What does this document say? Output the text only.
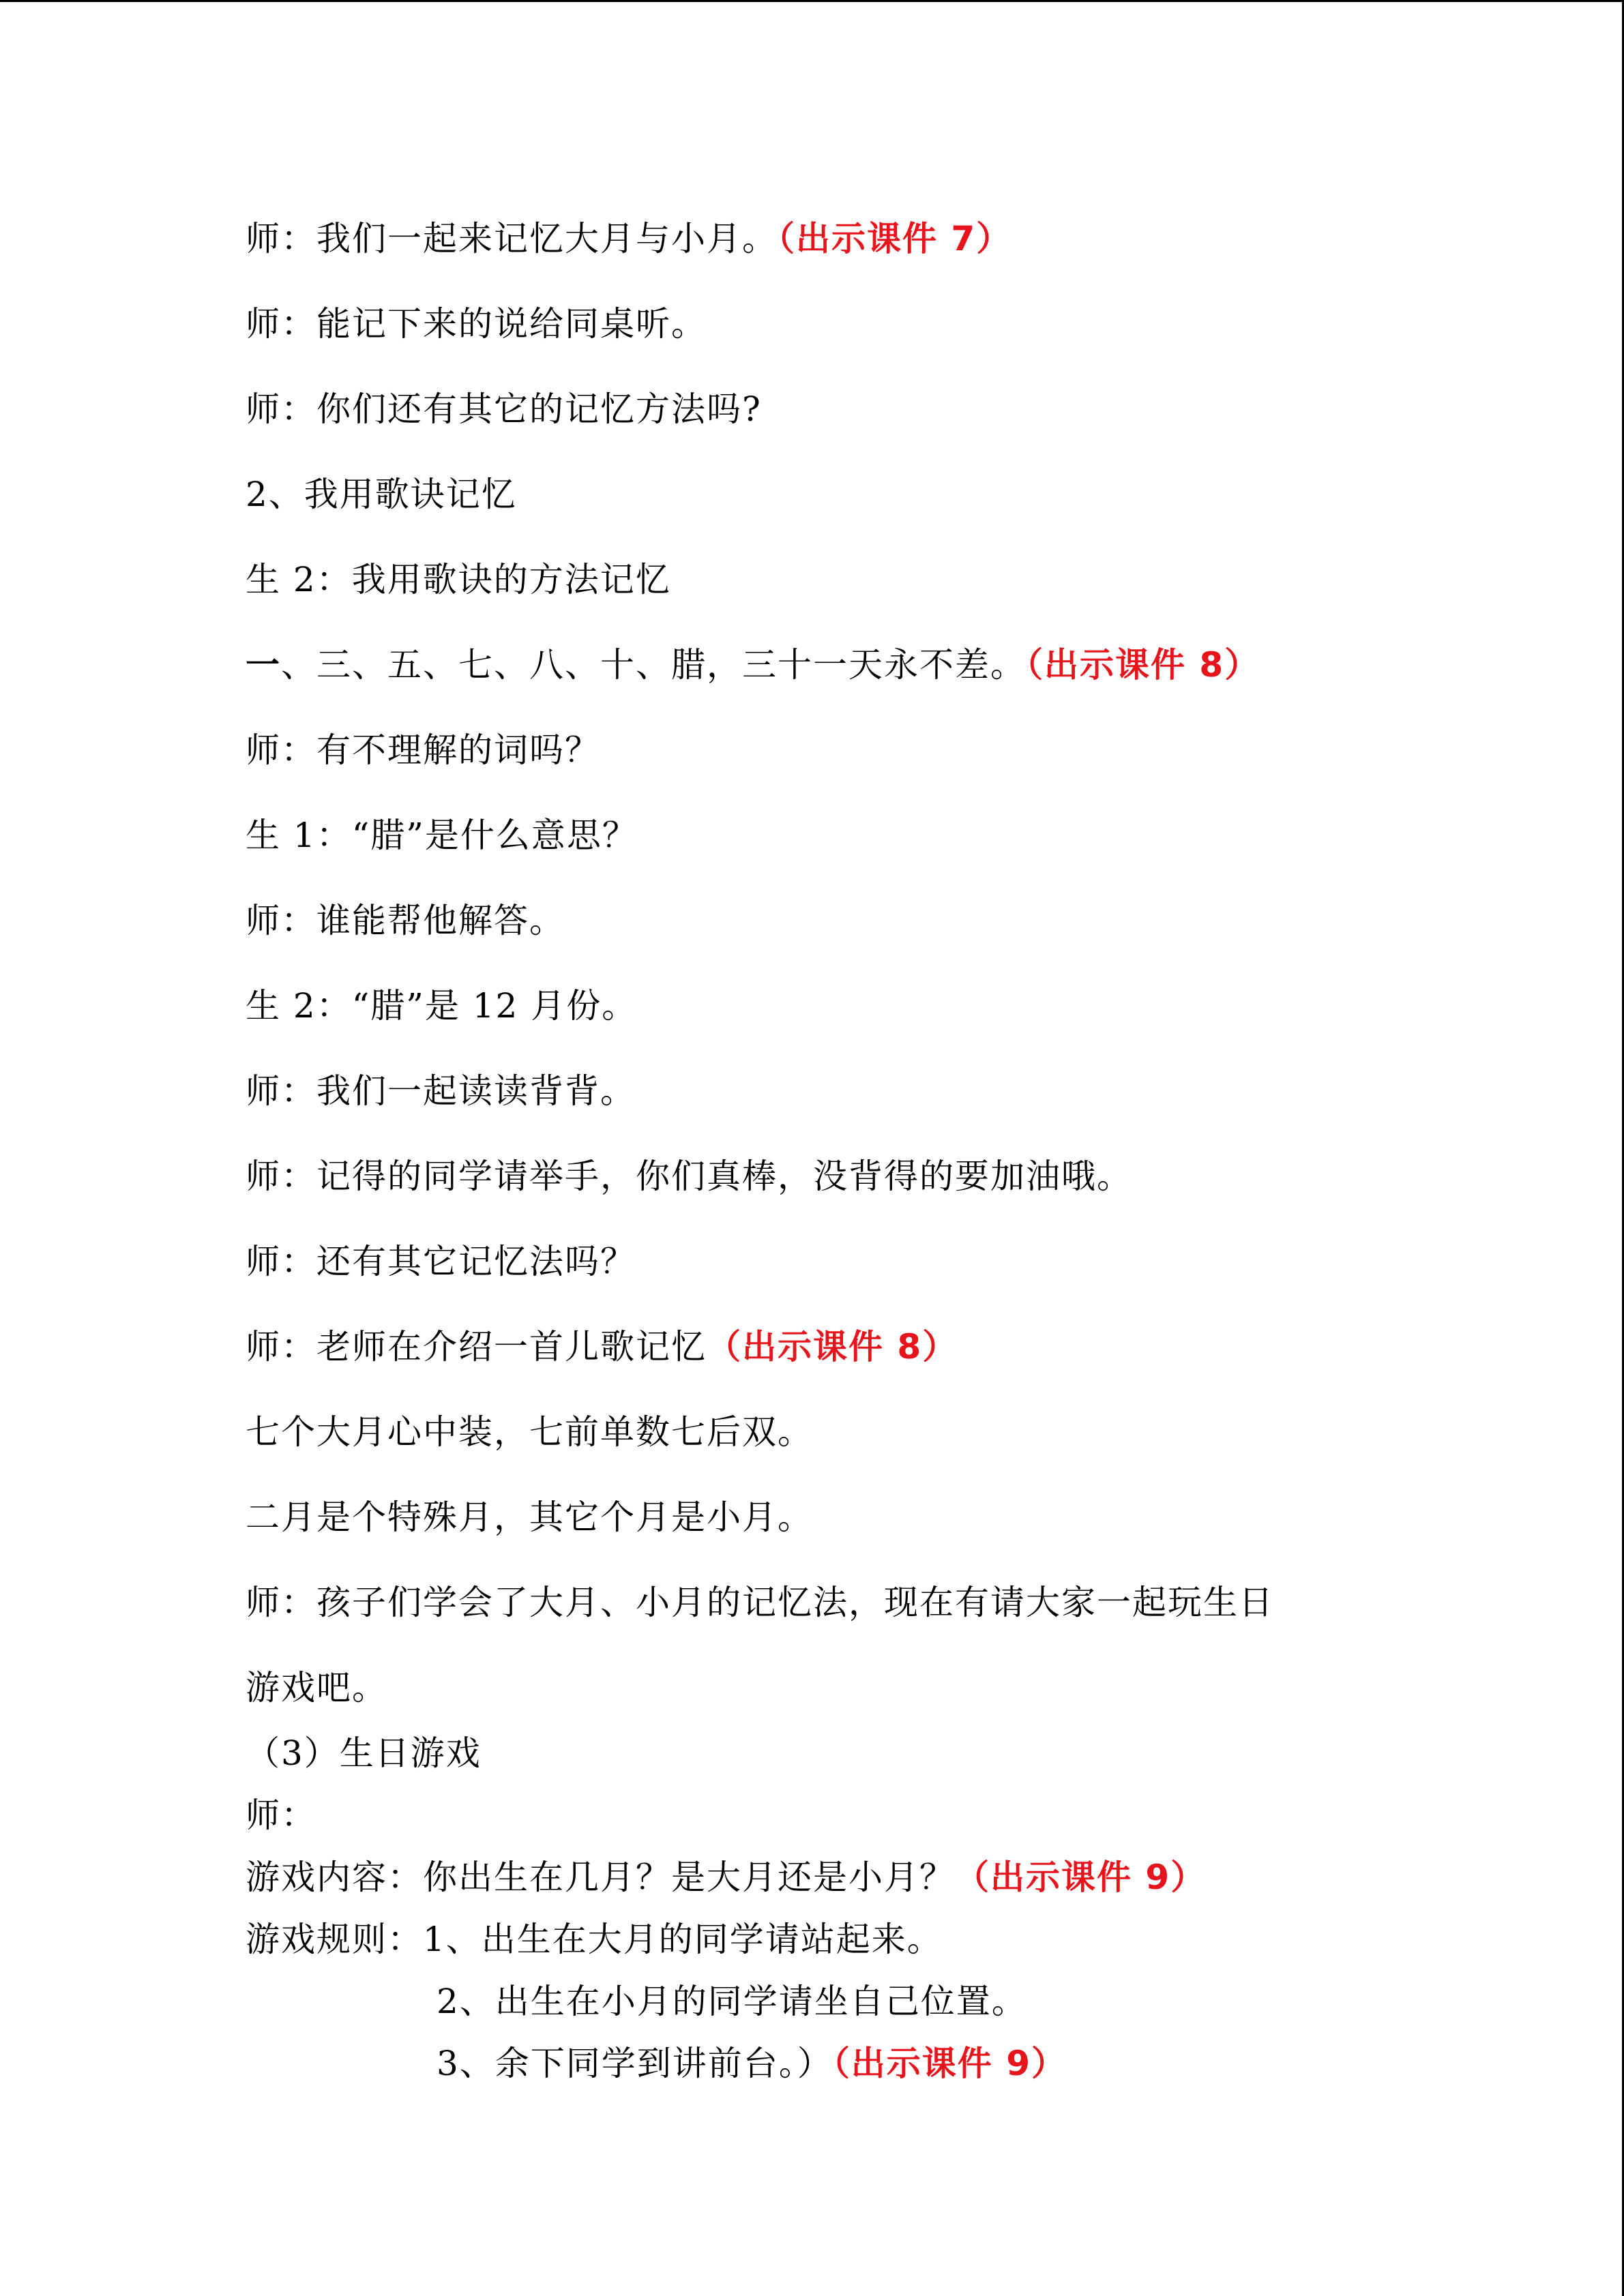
师：我们一起来记忆大月与小月。（出示课件 7）
师：能记下来的说给同桌听。
师：你们还有其它的记忆方法吗?
2、我用歌诀记忆
生 2：我用歌诀的方法记忆
一、三、五、七、八、十、腊，三十一天永不差。（出示课件 8）
师：有不理解的词吗？
生 1：“腊”是什么意思？
师：谁能帮他解答。
生 2：“腊”是 12 月份。
师：我们一起读读背背。
师：记得的同学请举手，你们真棒，没背得的要加油哦。
师：还有其它记忆法吗？
师：老师在介绍一首儿歌记忆（出示课件 8）
七个大月心中装，七前单数七后双。
二月是个特殊月，其它个月是小月。
师：孩子们学会了大月、小月的记忆法，现在有请大家一起玩生日
游戏吧。
（3）生日游戏
师：
游戏内容：你出生在几月？是大月还是小月？（出示课件 9）
游戏规则：1、出生在大月的同学请站起来。
2、出生在小月的同学请坐自己位置。
3、余下同学到讲前台。）（出示课件 9）
